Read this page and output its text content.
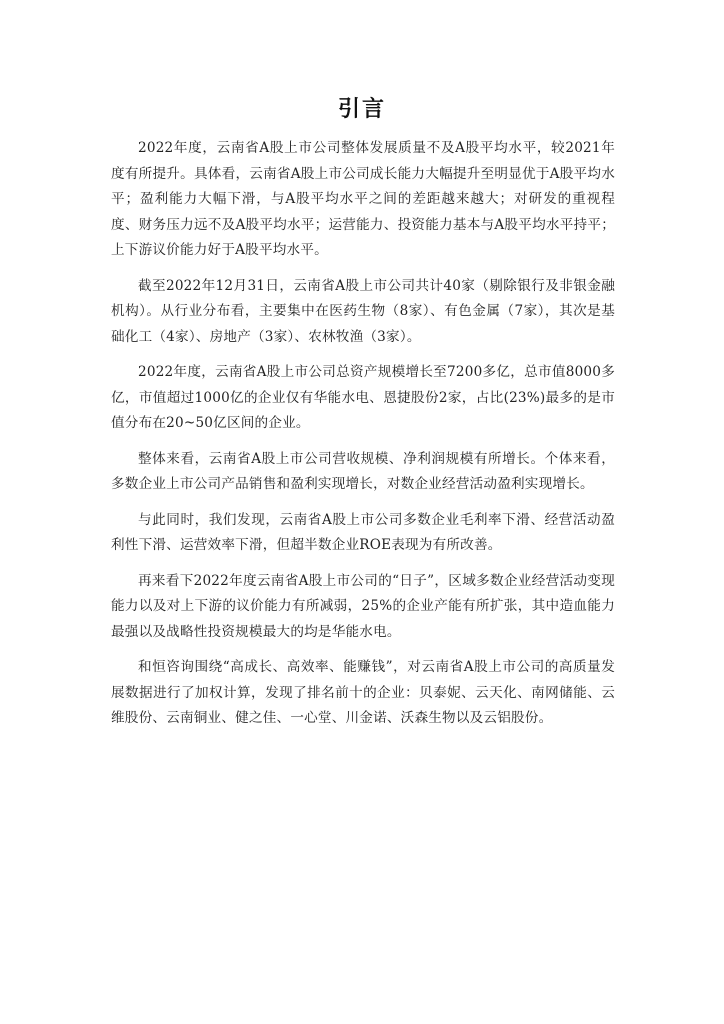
引言

2022年度，云南省A股上市公司整体发展质量不及A股平均水平，较2021年度有所提升。具体看，云南省A股上市公司成长能力大幅提升至明显优于A股平均水平；盈利能力大幅下滑，与A股平均水平之间的差距越来越大；对研发的重视程度、财务压力远不及A股平均水平；运营能力、投资能力基本与A股平均水平持平；上下游议价能力好于A股平均水平。

截至2022年12月31日，云南省A股上市公司共计40家（剔除银行及非银金融机构）。从行业分布看，主要集中在医药生物（8家）、有色金属（7家），其次是基础化工（4家）、房地产（3家）、农林牧渔（3家）。

2022年度，云南省A股上市公司总资产规模增长至7200多亿，总市值8000多亿，市值超过1000亿的企业仅有华能水电、恩捷股份2家，占比(23%)最多的是市值分布在20~50亿区间的企业。

整体来看，云南省A股上市公司营收规模、净利润规模有所增长。个体来看，多数企业上市公司产品销售和盈利实现增长，对数企业经营活动盈利实现增长。

与此同时，我们发现，云南省A股上市公司多数企业毛利率下滑、经营活动盈利性下滑、运营效率下滑，但超半数企业ROE表现为有所改善。

再来看下2022年度云南省A股上市公司的“日子”，区域多数企业经营活动变现能力以及对上下游的议价能力有所减弱，25%的企业产能有所扩张，其中造血能力最强以及战略性投资规模最大的均是华能水电。

和恒咨询围绕“高成长、高效率、能赚钱”，对云南省A股上市公司的高质量发展数据进行了加权计算，发现了排名前十的企业：贝泰妮、云天化、南网储能、云维股份、云南铜业、健之佳、一心堂、川金诺、沃森生物以及云铝股份。
